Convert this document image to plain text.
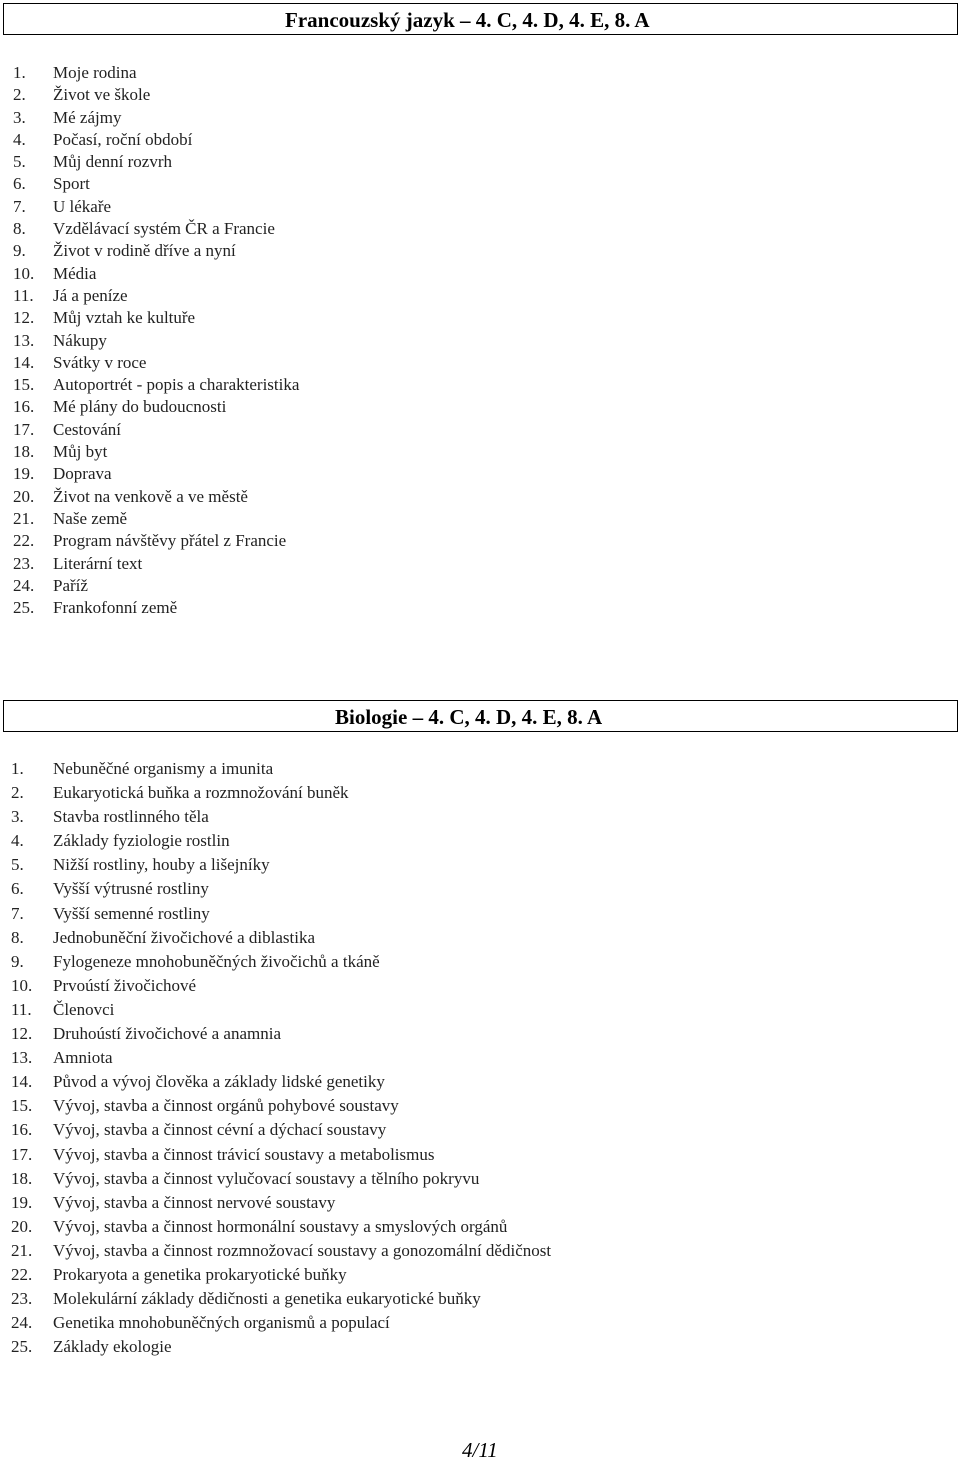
Francouzský jazyk – 4. C, 4. D, 4. E, 8. A
1.	Moje rodina
2.	Život ve škole
3.	Mé zájmy
4.	Počasí, roční období
5.	Můj denní rozvrh
6.	Sport
7.	U lékaře
8.	Vzdělávací systém ČR a Francie
9.	Život v rodině dříve a nyní
10.	Média
11.	Já a peníze
12.	Můj vztah ke kultuře
13.	Nákupy
14.	Svátky v roce
15.	Autoportrét - popis a charakteristika
16.	Mé plány do budoucnosti
17.	Cestování
18.	Můj byt
19.	Doprava
20.	Život na venkově a ve městě
21.	Naše země
22.	Program návštěvy přátel z Francie
23.	Literární text
24.	Paříž
25.	Frankofonní země
Biologie – 4. C, 4. D, 4. E, 8. A
1.	Nebuněčné organismy a imunita
2.	Eukaryotická buňka a rozmnožování buněk
3.	Stavba rostlinného těla
4.	Základy fyziologie rostlin
5.	Nižší rostliny, houby a lišejníky
6.	Vyšší výtrusné rostliny
7.	Vyšší semenné rostliny
8.	Jednobuněční živočichové a diblastika
9.	Fylogeneze mnohobuněčných živočichů a tkáně
10.	Prvoústí živočichové
11.	Členovci
12.	Druhoústí živočichové a anamnia
13.	Amniota
14.	Původ a vývoj člověka a základy lidské genetiky
15.	Vývoj, stavba a činnost orgánů pohybové soustavy
16.	Vývoj, stavba a činnost cévní a dýchací soustavy
17.	Vývoj, stavba a činnost trávicí soustavy a metabolismus
18.	Vývoj, stavba a činnost vylučovací soustavy a tělního pokryvu
19.	Vývoj, stavba a činnost nervové soustavy
20.	Vývoj, stavba a činnost hormonální soustavy a smyslových orgánů
21.	Vývoj, stavba a činnost rozmnožovací soustavy a gonozomální dědičnost
22.	Prokaryota a genetika prokaryotické buňky
23.	Molekulární základy dědičnosti a genetika eukaryotické buňky
24.	Genetika mnohobuněčných organismů a populací
25.	Základy ekologie
4/11
